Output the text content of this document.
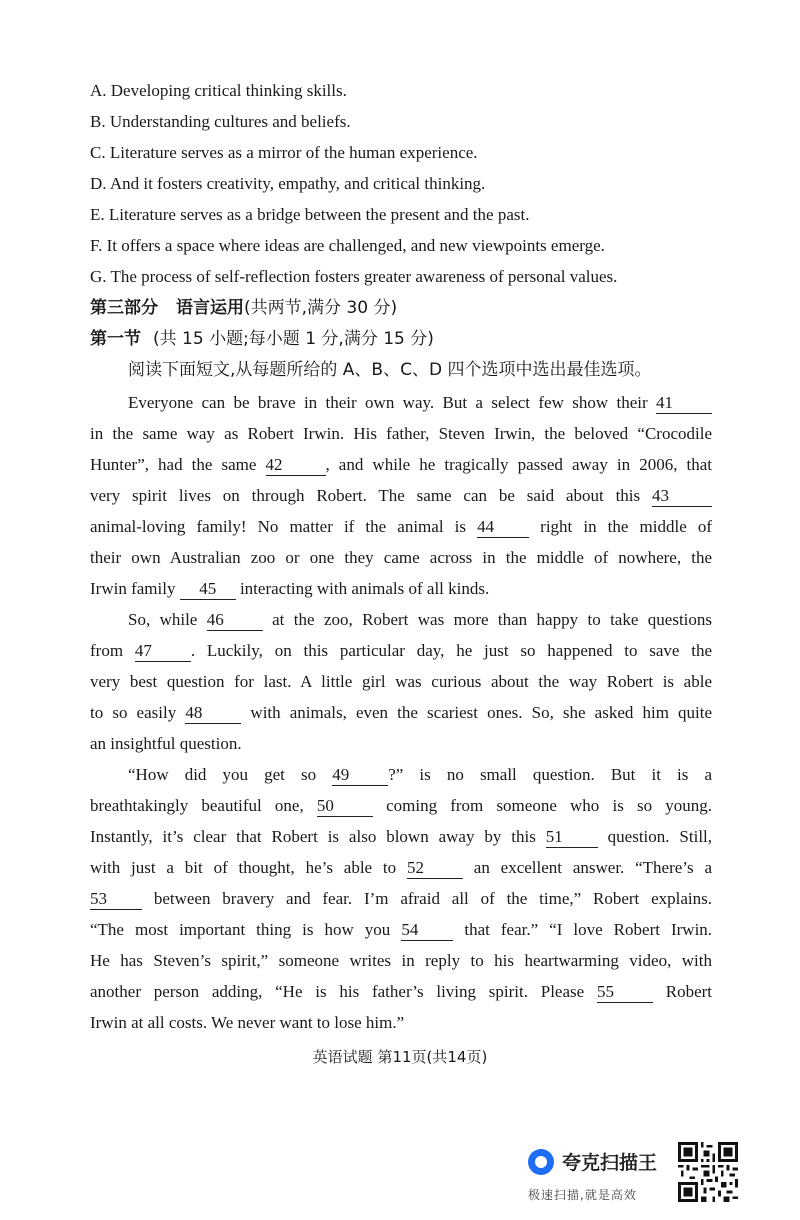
A. Developing critical thinking skills.
B. Understanding cultures and beliefs.
C. Literature serves as a mirror of the human experience.
D. And it fosters creativity, empathy, and critical thinking.
E. Literature serves as a bridge between the present and the past.
F. It offers a space where ideas are challenged, and new viewpoints emerge.
G. The process of self-reflection fosters greater awareness of personal values.
第三部分 语言运用(共两节,满分 30 分)
第一节 (共 15 小题;每小题 1 分,满分 15 分)
阅读下面短文,从每题所给的 A、B、C、D 四个选项中选出最佳选项。
Everyone can be brave in their own way. But a select few show their 41
in the same way as Robert Irwin. His father, Steven Irwin, the beloved “Crocodile
Hunter”, had the same 42	, and while he tragically passed away in 2006, that
very spirit lives on through Robert. The same can be said about this 43
animal-loving family! No matter if the animal is 44	right in the middle of
their own Australian zoo or one they came across in the middle of nowhere, the
Irwin family 45 interacting with animals of all kinds.
So, while 46	at the zoo, Robert was more than happy to take questions
from 47 . Luckily, on this particular day, he just so happened to save the
very best question for last. A little girl was curious about the way Robert is able
to so easily 48	with animals, even the scariest ones. So, she asked him quite
an insightful question.
“How did you get so 49 ?” is no small question. But it is a
breathtakingly beautiful one, 50	coming from someone who is so young.
Instantly, it’s clear that Robert is also blown away by this 51	question. Still,
with just a bit of thought, he’s able to 52	an excellent answer. “There’s a
53	between bravery and fear. I’m afraid all of the time,” Robert explains.
“The most important thing is how you 54	that fear.” “I love Robert Irwin.
He has Steven’s spirit,” someone writes in reply to his heartwarming video, with
another person adding, “He is his father’s living spirit. Please 55	Robert
Irwin at all costs. We never want to lose him.”
英语试题 第11页(共14页)
夸克扫描王
极速扫描,就是高效
